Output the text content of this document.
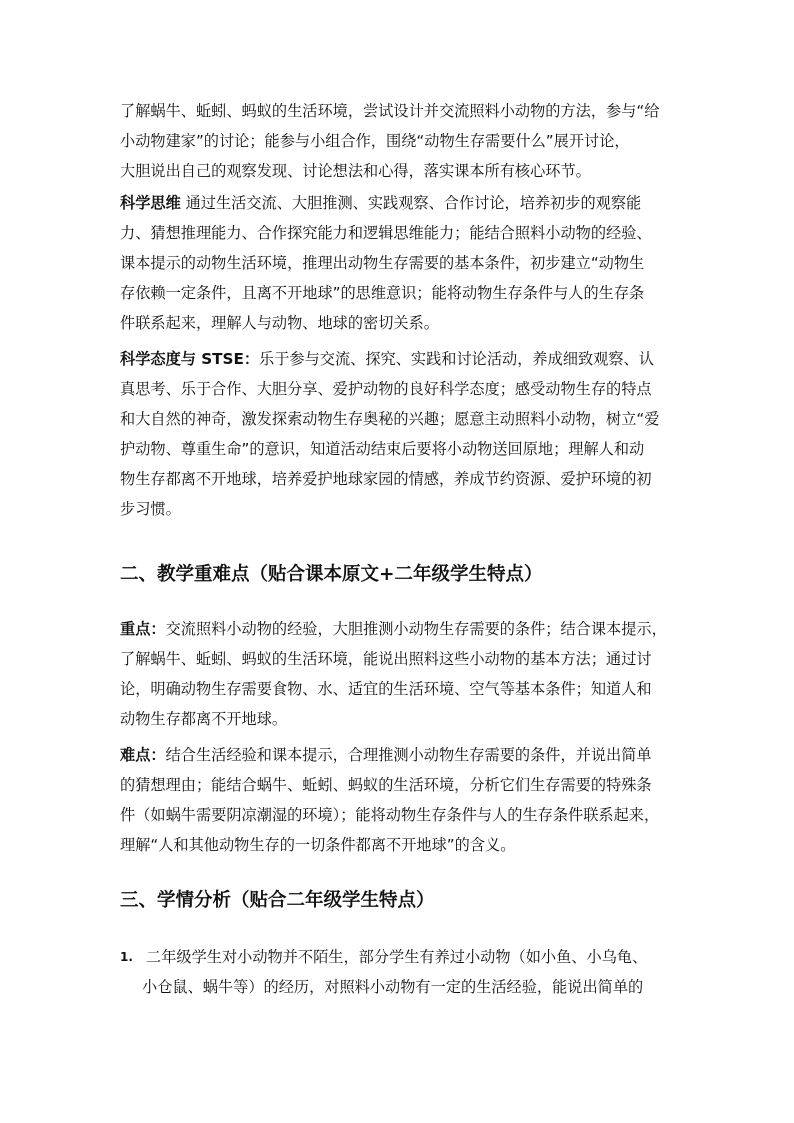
了解蜗牛、蚯蚓、蚂蚁的生活环境，尝试设计并交流照料小动物的方法，参与“给
小动物建家”的讨论；能参与小组合作，围绕“动物生存需要什么”展开讨论，
大胆说出自己的观察发现、讨论想法和心得，落实课本所有核心环节。
科学思维 通过生活交流、大胆推测、实践观察、合作讨论，培养初步的观察能
力、猜想推理能力、合作探究能力和逻辑思维能力；能结合照料小动物的经验、
课本提示的动物生活环境，推理出动物生存需要的基本条件，初步建立“动物生
存依赖一定条件，且离不开地球”的思维意识；能将动物生存条件与人的生存条
件联系起来，理解人与动物、地球的密切关系。
科学态度与 STSE：乐于参与交流、探究、实践和讨论活动，养成细致观察、认
真思考、乐于合作、大胆分享、爱护动物的良好科学态度；感受动物生存的特点
和大自然的神奇，激发探索动物生存奥秘的兴趣；愿意主动照料小动物，树立“爱
护动物、尊重生命”的意识，知道活动结束后要将小动物送回原地；理解人和动
物生存都离不开地球，培养爱护地球家园的情感，养成节约资源、爱护环境的初
步习惯。
二、教学重难点（贴合课本原文+二年级学生特点）
重点：交流照料小动物的经验，大胆推测小动物生存需要的条件；结合课本提示，
了解蜗牛、蚯蚓、蚂蚁的生活环境，能说出照料这些小动物的基本方法；通过讨
论，明确动物生存需要食物、水、适宜的生活环境、空气等基本条件；知道人和
动物生存都离不开地球。
难点：结合生活经验和课本提示，合理推测小动物生存需要的条件，并说出简单
的猜想理由；能结合蜗牛、蚯蚓、蚂蚁的生活环境，分析它们生存需要的特殊条
件（如蜗牛需要阴凉潮湿的环境）；能将动物生存条件与人的生存条件联系起来，
理解“人和其他动物生存的一切条件都离不开地球”的含义。
三、学情分析（贴合二年级学生特点）
1. 二年级学生对小动物并不陌生，部分学生有养过小动物（如小鱼、小乌龟、
小仓鼠、蜗牛等）的经历，对照料小动物有一定的生活经验，能说出简单的
